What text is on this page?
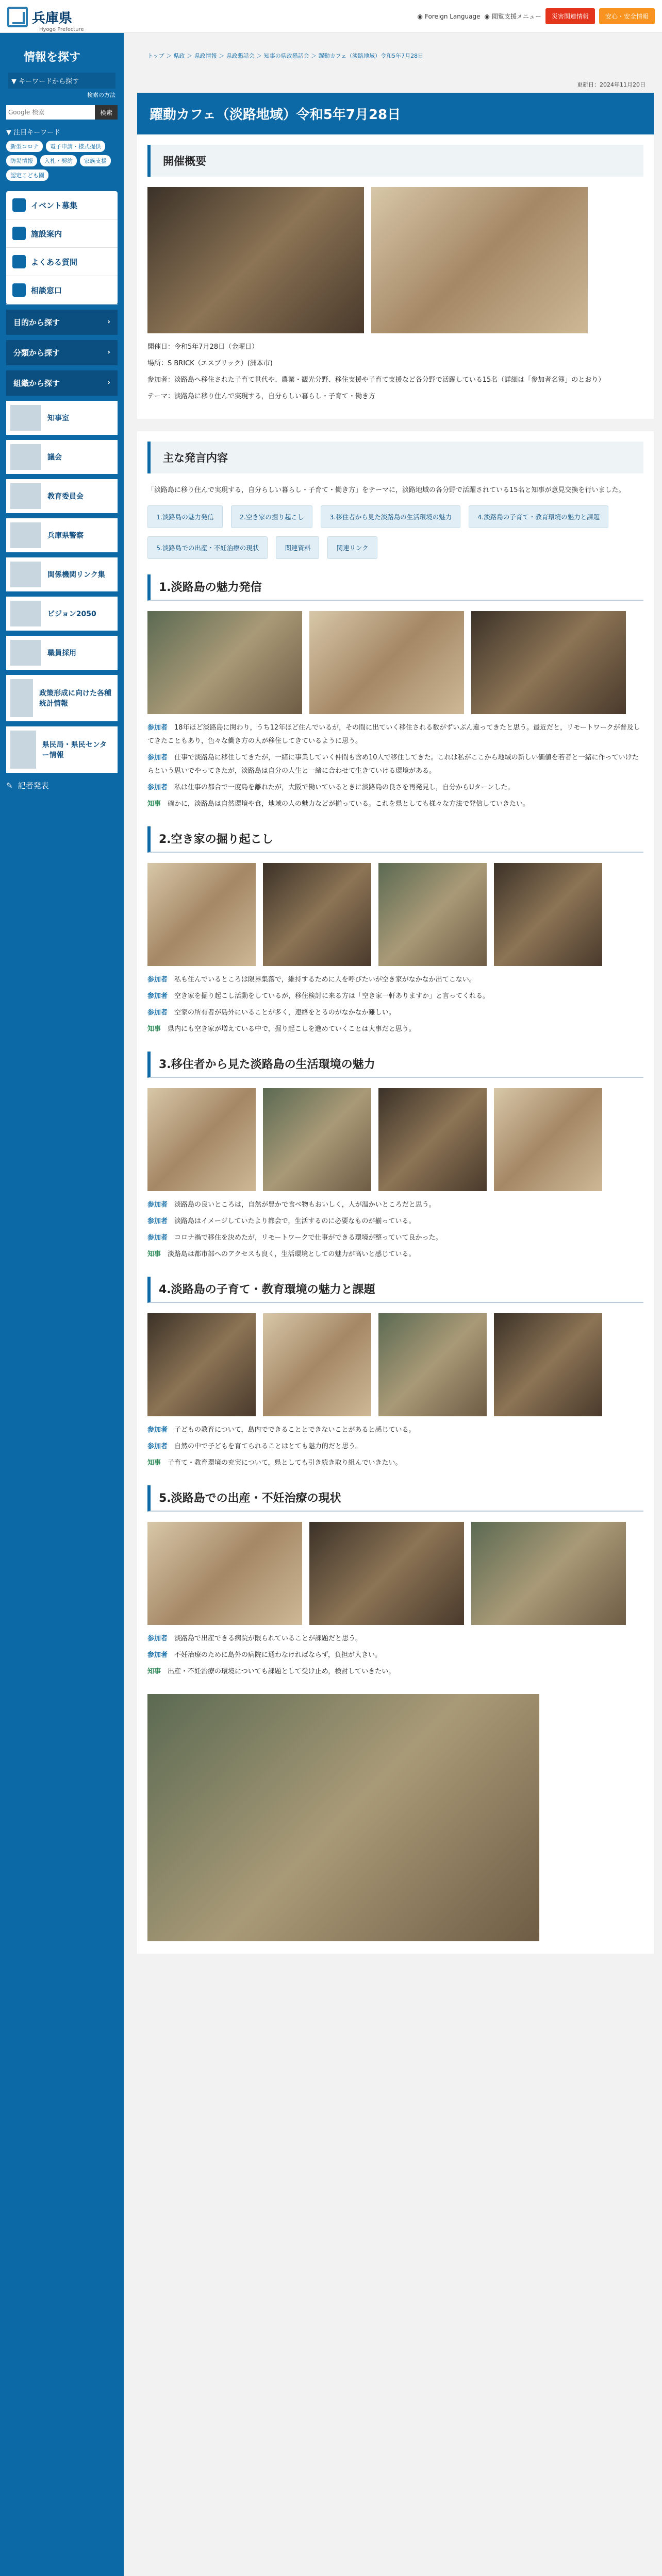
兵庫県
Hyogo Prefecture
◉ Foreign Language ◉ 閲覧支援メニュー	災害関連情報	安心・安全情報
情報を探す
▼ キーワードから探す
検索の方法
Google 検索
検索
▼ 注目キーワード
新型コロナ	電子申請・様式提供
防災情報	入札・契約	家族支援
認定こども園
イベント募集
施設案内
よくある質問
相談窓口
目的から探す	›
分類から探す	›
組織から探す	›
知事室
議会
教育委員会
兵庫県警察
関係機関リンク集
ビジョン2050
職員採用
政策形成に向けた各種統計情報
県民局・県民センター情報
✎ 記者発表
トップ ＞ 県政 ＞ 県政情報 ＞ 県政懇話会 ＞ 知事の県政懇話会 ＞ 躍動カフェ（淡路地域）令和5年7月28日
更新日：2024年11月20日
躍動カフェ（淡路地域）令和5年7月28日
開催概要

開催日：令和5年7月28日（金曜日）

場所：S BRICK（エスブリック）(洲本市)

参加者：淡路島へ移住された子育て世代や、農業・観光分野、移住支援や子育て支援など各分野で活躍している15名（詳細は「参加者名簿」のとおり）

テーマ：淡路島に移り住んで実現する，自分らしい暮らし・子育て・働き方

主な発言内容

「淡路島に移り住んで実現する，自分らしい暮らし・子育て・働き方」をテーマに，淡路地域の各分野で活躍されている15名と知事が意見交換を行いました。

1.淡路島の魅力発信	2.空き家の掘り起こし	3.移住者から見た淡路島の生活環境の魅力	4.淡路島の子育て・教育環境の魅力と課題
5.淡路島での出産・不妊治療の現状	関連資料	関連リンク
1.淡路島の魅力発信

参加者　 18年ほど淡路島に関わり，うち12年ほど住んでいるが，その間に出ていく移住される数がずいぶん違ってきたと思う。最近だと，リモートワークが普及してきたこともあり，色々な働き方の人が移住してきているように思う。

参加者　 仕事で淡路島に移住してきたが，一緒に事業していく仲間も含め10人で移住してきた。これは私がここから地域の新しい価値を若者と一緒に作っていけたらという思いでやってきたが，淡路島は自分の人生と一緒に合わせて生きていける環境がある。

参加者　 私は仕事の都合で一度島を離れたが，大阪で働いているときに淡路島の良さを再発見し，自分からUターンした。

知事　 確かに，淡路島は自然環境や食，地域の人の魅力などが揃っている。これを県としても様々な方法で発信していきたい。

2.空き家の掘り起こし

参加者　 私も住んでいるところは限界集落で，維持するために人を呼びたいが空き家がなかなか出てこない。

参加者　 空き家を掘り起こし活動をしているが，移住検討に来る方は「空き家一軒ありますか」と言ってくれる。

参加者　 空家の所有者が島外にいることが多く，連絡をとるのがなかなか難しい。

知事　 県内にも空き家が増えている中で，掘り起こしを進めていくことは大事だと思う。

3.移住者から見た淡路島の生活環境の魅力

参加者　 淡路島の良いところは，自然が豊かで食べ物もおいしく，人が温かいところだと思う。

参加者　 淡路島はイメージしていたより都会で，生活するのに必要なものが揃っている。

参加者　 コロナ禍で移住を決めたが，リモートワークで仕事ができる環境が整っていて良かった。

知事　 淡路島は都市部へのアクセスも良く，生活環境としての魅力が高いと感じている。

4.淡路島の子育て・教育環境の魅力と課題

参加者　 子どもの教育について，島内でできることとできないことがあると感じている。

参加者　 自然の中で子どもを育てられることはとても魅力的だと思う。

知事　 子育て・教育環境の充実について，県としても引き続き取り組んでいきたい。

5.淡路島での出産・不妊治療の現状

参加者　 淡路島で出産できる病院が限られていることが課題だと思う。

参加者　 不妊治療のために島外の病院に通わなければならず，負担が大きい。

知事　 出産・不妊治療の環境についても課題として受け止め，検討していきたい。
